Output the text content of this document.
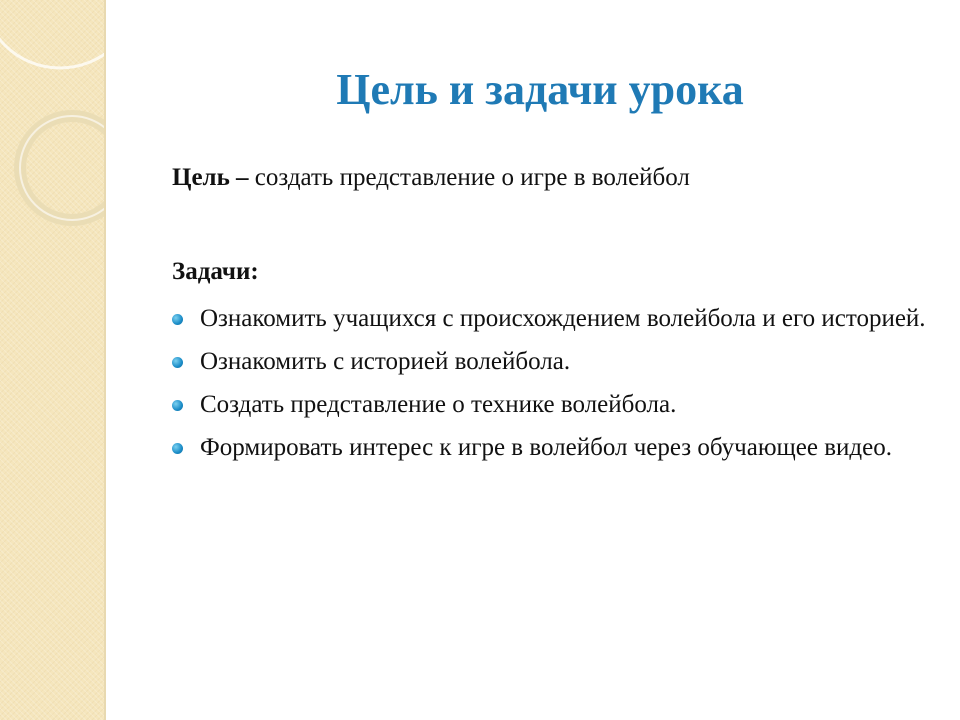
Цель и задачи урока
Цель – создать представление о игре в волейбол
Задачи:
Ознакомить учащихся с происхождением волейбола и его историей.
Ознакомить с историей волейбола.
Создать представление о технике волейбола.
Формировать интерес к игре в волейбол через обучающее видео.
